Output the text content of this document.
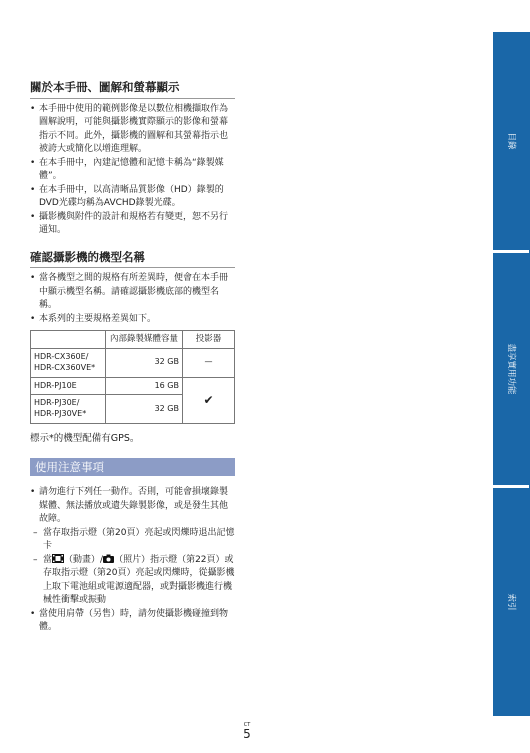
關於本手冊、圖解和螢幕顯示
• 本手冊中使用的範例影像是以數位相機擷取作為圖解說明，可能與攝影機實際顯示的影像和螢幕指示不同。此外，攝影機的圖解和其螢幕指示也被誇大或簡化以增進理解。
• 在本手冊中，內建記憶體和記憶卡稱為“錄製媒體”。
• 在本手冊中，以高清晰品質影像（HD）錄製的DVD光碟均稱為AVCHD錄製光碟。
• 攝影機與附件的設計和規格若有變更，恕不另行通知。
確認攝影機的機型名稱
• 當各機型之間的規格有所差異時，便會在本手冊中顯示機型名稱。請確認攝影機底部的機型名稱。
• 本系列的主要規格差異如下。
	內部錄製媒體容量	投影器
HDR-CX360E/ HDR-CX360VE*	32 GB	—
HDR-PJ10E	16 GB	✔
HDR-PJ30E/ HDR-PJ30VE*	32 GB	
標示*的機型配備有GPS。
使用注意事項
• 請勿進行下列任一動作。否則，可能會損壞錄製媒體、無法播放或遺失錄製影像，或是發生其他故障。
– 當存取指示燈（第20頁）亮起或閃爍時退出記憶卡
– 當 （動畫）/ （照片）指示燈（第22頁）或存取指示燈（第20頁）亮起或閃爍時，從攝影機上取下電池組或電源適配器，或對攝影機進行機械性衝擊或振動
• 當使用肩帶（另售）時，請勿使攝影機碰撞到物體。
目錄
盡享實用功能
索引
CT
5
